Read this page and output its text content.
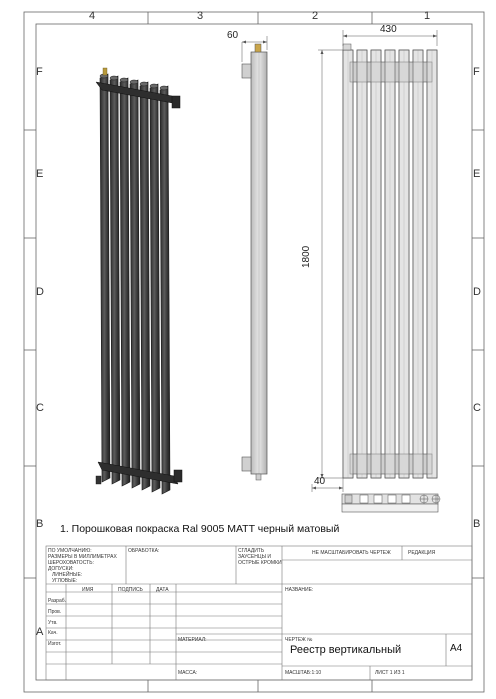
4	3	2	1
F
E
D
C
B
A
F
E
D
C
B
430
60
1800
40
1. Порошковая покраска Ral 9005 MATT черный матовый
ПО УМОЛЧАНИЮ:
РАЗМЕРЫ В МИЛЛИМЕТРАХ
ШЕРОХОВАТОСТЬ:
ДОПУСКИ:
ЛИНЕЙНЫЕ:
УГЛОВЫЕ:
ОБРАБОТКА:	СГЛАДИТЬ
ЗАУСЕНЦЫ И
ОСТРЫЕ КРОМКИ
НЕ МАСШТАБИРОВАТЬ ЧЕРТЕЖ	РЕДАКЦИЯ
ИМЯ	ПОДПИСЬ	ДАТА	НАЗВАНИЕ:
Разраб.
Пров.
Утв.
Кач.
Изгот.
МАТЕРИАЛ:	ЧЕРТЕЖ №
Реестр вертикальный	A4
МАССА:	МАСШТАБ:1:10	ЛИСТ 1 ИЗ 1
